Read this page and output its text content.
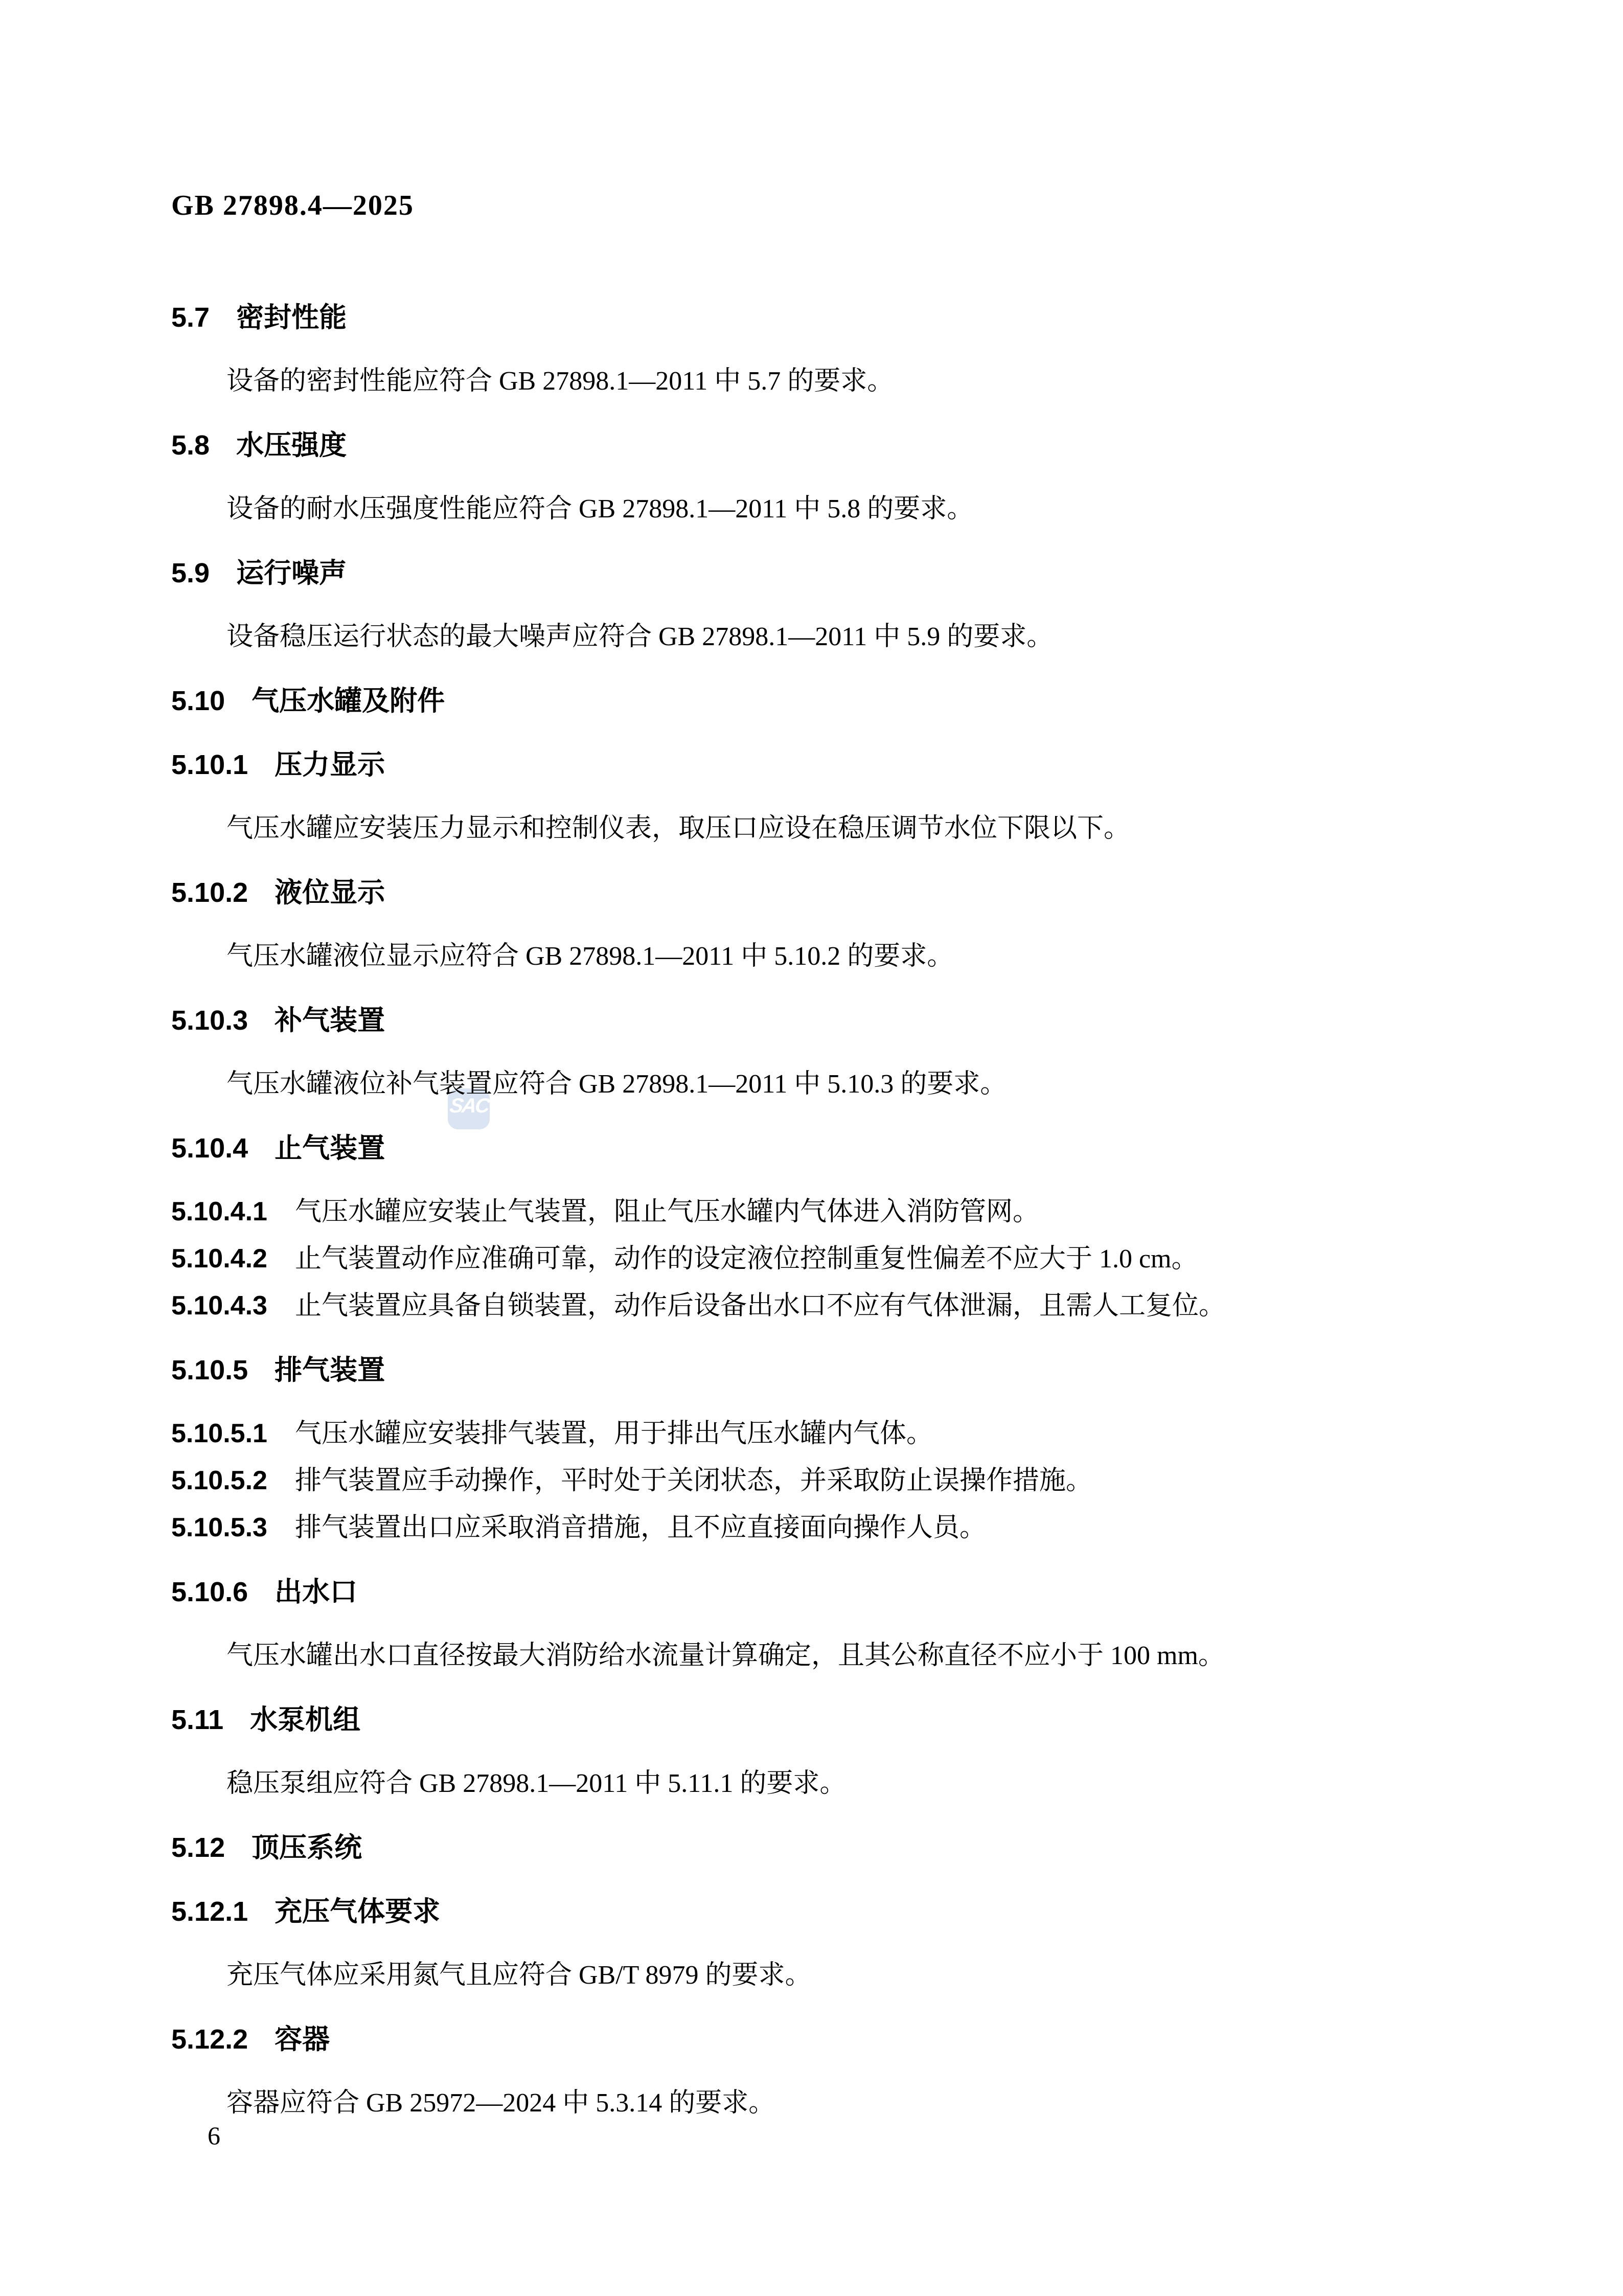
GB 27898.4—2025
SAC
5.7 密封性能
设备的密封性能应符合 GB 27898.1—2011 中 5.7 的要求。
5.8 水压强度
设备的耐水压强度性能应符合 GB 27898.1—2011 中 5.8 的要求。
5.9 运行噪声
设备稳压运行状态的最大噪声应符合 GB 27898.1—2011 中 5.9 的要求。
5.10 气压水罐及附件
5.10.1 压力显示
气压水罐应安装压力显示和控制仪表，取压口应设在稳压调节水位下限以下。
5.10.2 液位显示
气压水罐液位显示应符合 GB 27898.1—2011 中 5.10.2 的要求。
5.10.3 补气装置
气压水罐液位补气装置应符合 GB 27898.1—2011 中 5.10.3 的要求。
5.10.4 止气装置
5.10.4.1 气压水罐应安装止气装置，阻止气压水罐内气体进入消防管网。
5.10.4.2 止气装置动作应准确可靠，动作的设定液位控制重复性偏差不应大于 1.0 cm。
5.10.4.3 止气装置应具备自锁装置，动作后设备出水口不应有气体泄漏，且需人工复位。
5.10.5 排气装置
5.10.5.1 气压水罐应安装排气装置，用于排出气压水罐内气体。
5.10.5.2 排气装置应手动操作，平时处于关闭状态，并采取防止误操作措施。
5.10.5.3 排气装置出口应采取消音措施，且不应直接面向操作人员。
5.10.6 出水口
气压水罐出水口直径按最大消防给水流量计算确定，且其公称直径不应小于 100 mm。
5.11 水泵机组
稳压泵组应符合 GB 27898.1—2011 中 5.11.1 的要求。
5.12 顶压系统
5.12.1 充压气体要求
充压气体应采用氮气且应符合 GB/T 8979 的要求。
5.12.2 容器
容器应符合 GB 25972—2024 中 5.3.14 的要求。
6
